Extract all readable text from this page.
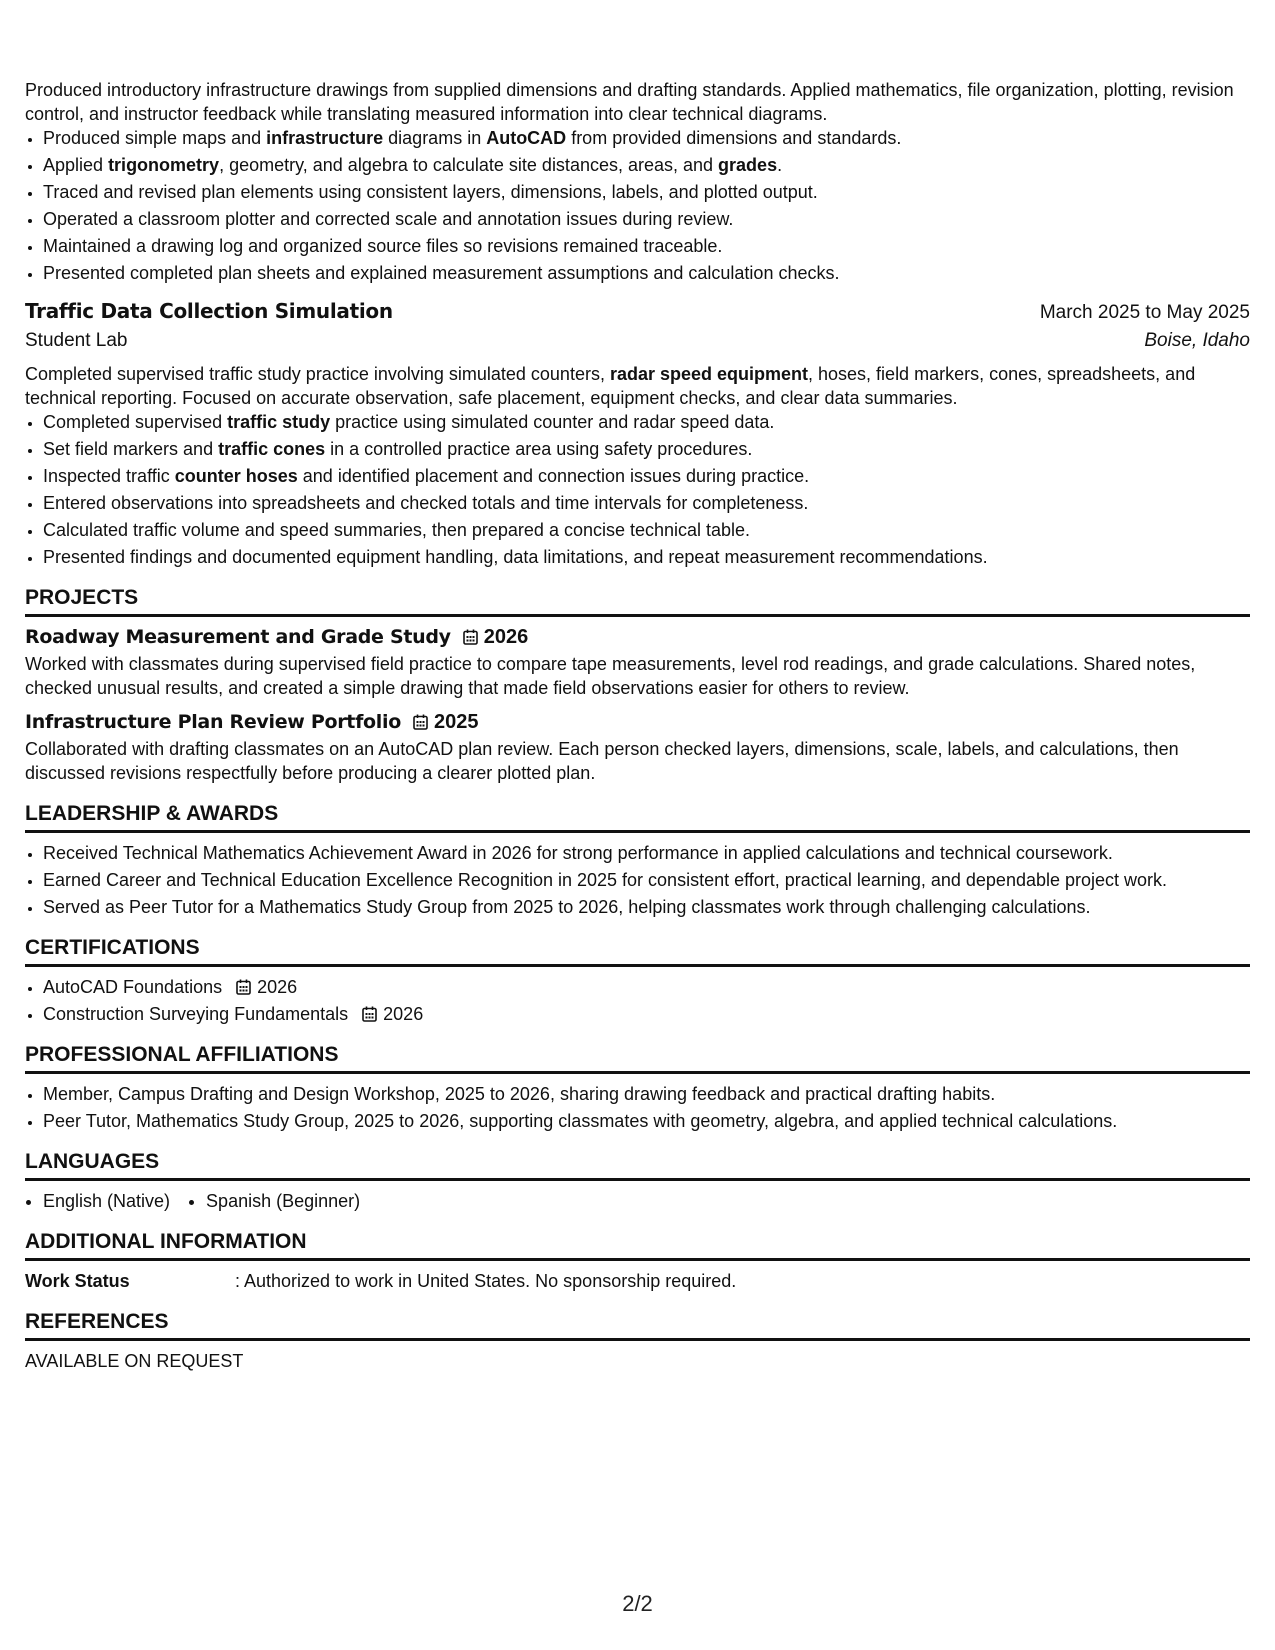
Produced introductory infrastructure drawings from supplied dimensions and drafting standards. Applied mathematics, file organization, plotting, revision control, and instructor feedback while translating measured information into clear technical diagrams.

• Produced simple maps and infrastructure diagrams in AutoCAD from provided dimensions and standards.
• Applied trigonometry, geometry, and algebra to calculate site distances, areas, and grades.
• Traced and revised plan elements using consistent layers, dimensions, labels, and plotted output.
• Operated a classroom plotter and corrected scale and annotation issues during review.
• Maintained a drawing log and organized source files so revisions remained traceable.
• Presented completed plan sheets and explained measurement assumptions and calculation checks.
Traffic Data Collection Simulation	March 2025 to May 2025
Student Lab	Boise, Idaho

Completed supervised traffic study practice involving simulated counters, radar speed equipment, hoses, field markers, cones, spreadsheets, and technical reporting. Focused on accurate observation, safe placement, equipment checks, and clear data summaries.

• Completed supervised traffic study practice using simulated counter and radar speed data.
• Set field markers and traffic cones in a controlled practice area using safety procedures.
• Inspected traffic counter hoses and identified placement and connection issues during practice.
• Entered observations into spreadsheets and checked totals and time intervals for completeness.
• Calculated traffic volume and speed summaries, then prepared a concise technical table.
• Presented findings and documented equipment handling, data limitations, and repeat measurement recommendations.
PROJECTS
Roadway Measurement and Grade Study 2026

Worked with classmates during supervised field practice to compare tape measurements, level rod readings, and grade calculations. Shared notes, checked unusual results, and created a simple drawing that made field observations easier for others to review.

Infrastructure Plan Review Portfolio 2025

Collaborated with drafting classmates on an AutoCAD plan review. Each person checked layers, dimensions, scale, labels, and calculations, then discussed revisions respectfully before producing a clearer plotted plan.

LEADERSHIP & AWARDS
• Received Technical Mathematics Achievement Award in 2026 for strong performance in applied calculations and technical coursework.
• Earned Career and Technical Education Excellence Recognition in 2025 for consistent effort, practical learning, and dependable project work.
• Served as Peer Tutor for a Mathematics Study Group from 2025 to 2026, helping classmates work through challenging calculations.
CERTIFICATIONS
• AutoCAD Foundations 2026
• Construction Surveying Fundamentals 2026
PROFESSIONAL AFFILIATIONS
• Member, Campus Drafting and Design Workshop, 2025 to 2026, sharing drawing feedback and practical drafting habits.
• Peer Tutor, Mathematics Study Group, 2025 to 2026, supporting classmates with geometry, algebra, and applied technical calculations.
LANGUAGES
• English (Native)
• Spanish (Beginner)
ADDITIONAL INFORMATION
Work Status	: Authorized to work in United States. No sponsorship required.
REFERENCES

AVAILABLE ON REQUEST

2/2
